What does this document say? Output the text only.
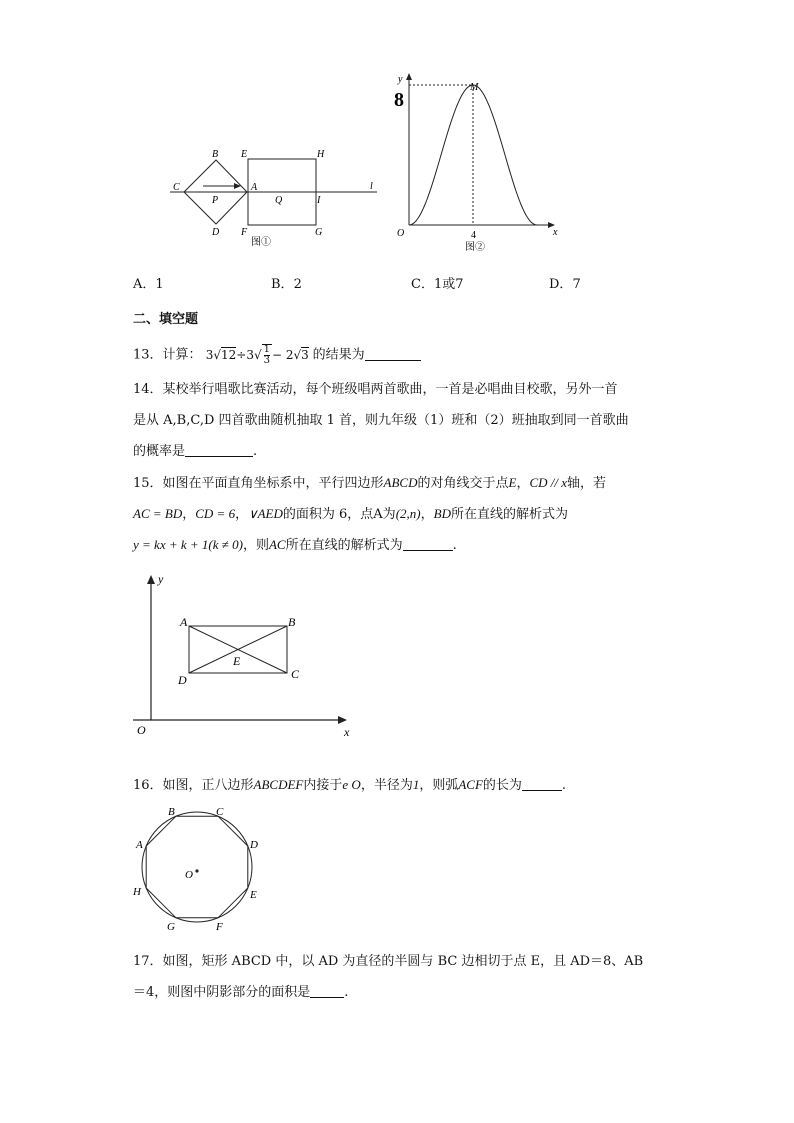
B
C
D
P
A
E
F
H
Q	I
G
l
图①
y
x
O
M
8
4
图②
A．1	B．2	C．1或7	D．7
二、填空题
13．计算： $3√12\div 3√ \frac{1}{3} - 2√3$ 的结果为
14．某校举行唱歌比赛活动，每个班级唱两首歌曲，一首是必唱曲目校歌，另外一首
是从 A,B,C,D 四首歌曲随机抽取 1 首，则九年级（1）班和（2）班抽取到同一首歌曲
的概率是	.
15．如图在平面直角坐标系中，平行四边形ABCD的对角线交于点E，CD // x轴，若
AC = BD，CD = 6，∨AED的面积为 6，点A为(2,n)，BD所在直线的解析式为
y = kx + k + 1(k ≠ 0)，则AC所在直线的解析式为	.
y
x
O
A	B
C
D
E
16．如图，正八边形ABCDEF内接于e O，半径为1，则弧ACF的长为	.
A
B	C
D
E
F
G
H
O
17．如图，矩形 ABCD 中，以 AD 为直径的半圆与 BC 边相切于点 E，且 AD＝8、AB
＝4，则图中阴影部分的面积是	.
